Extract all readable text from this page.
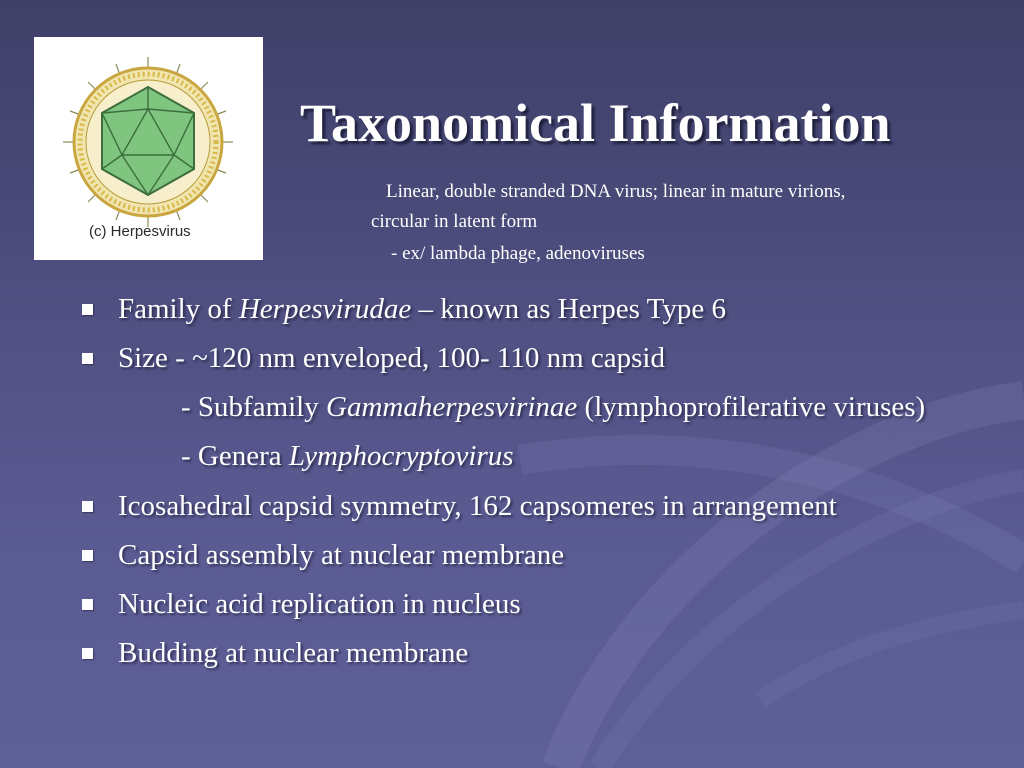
(c) Herpesvirus
Taxonomical Information
Linear, double stranded DNA virus; linear in mature virions,
circular in latent form
- ex/ lambda phage, adenoviruses
Family of Herpesvirudae – known as Herpes Type 6
Size - ~120 nm enveloped, 100- 110 nm capsid
- Subfamily Gammaherpesvirinae (lymphoprofilerative viruses)
- Genera Lymphocryptovirus
Icosahedral capsid symmetry, 162 capsomeres in arrangement
Capsid assembly at nuclear membrane
Nucleic acid replication in nucleus
Budding at nuclear membrane
